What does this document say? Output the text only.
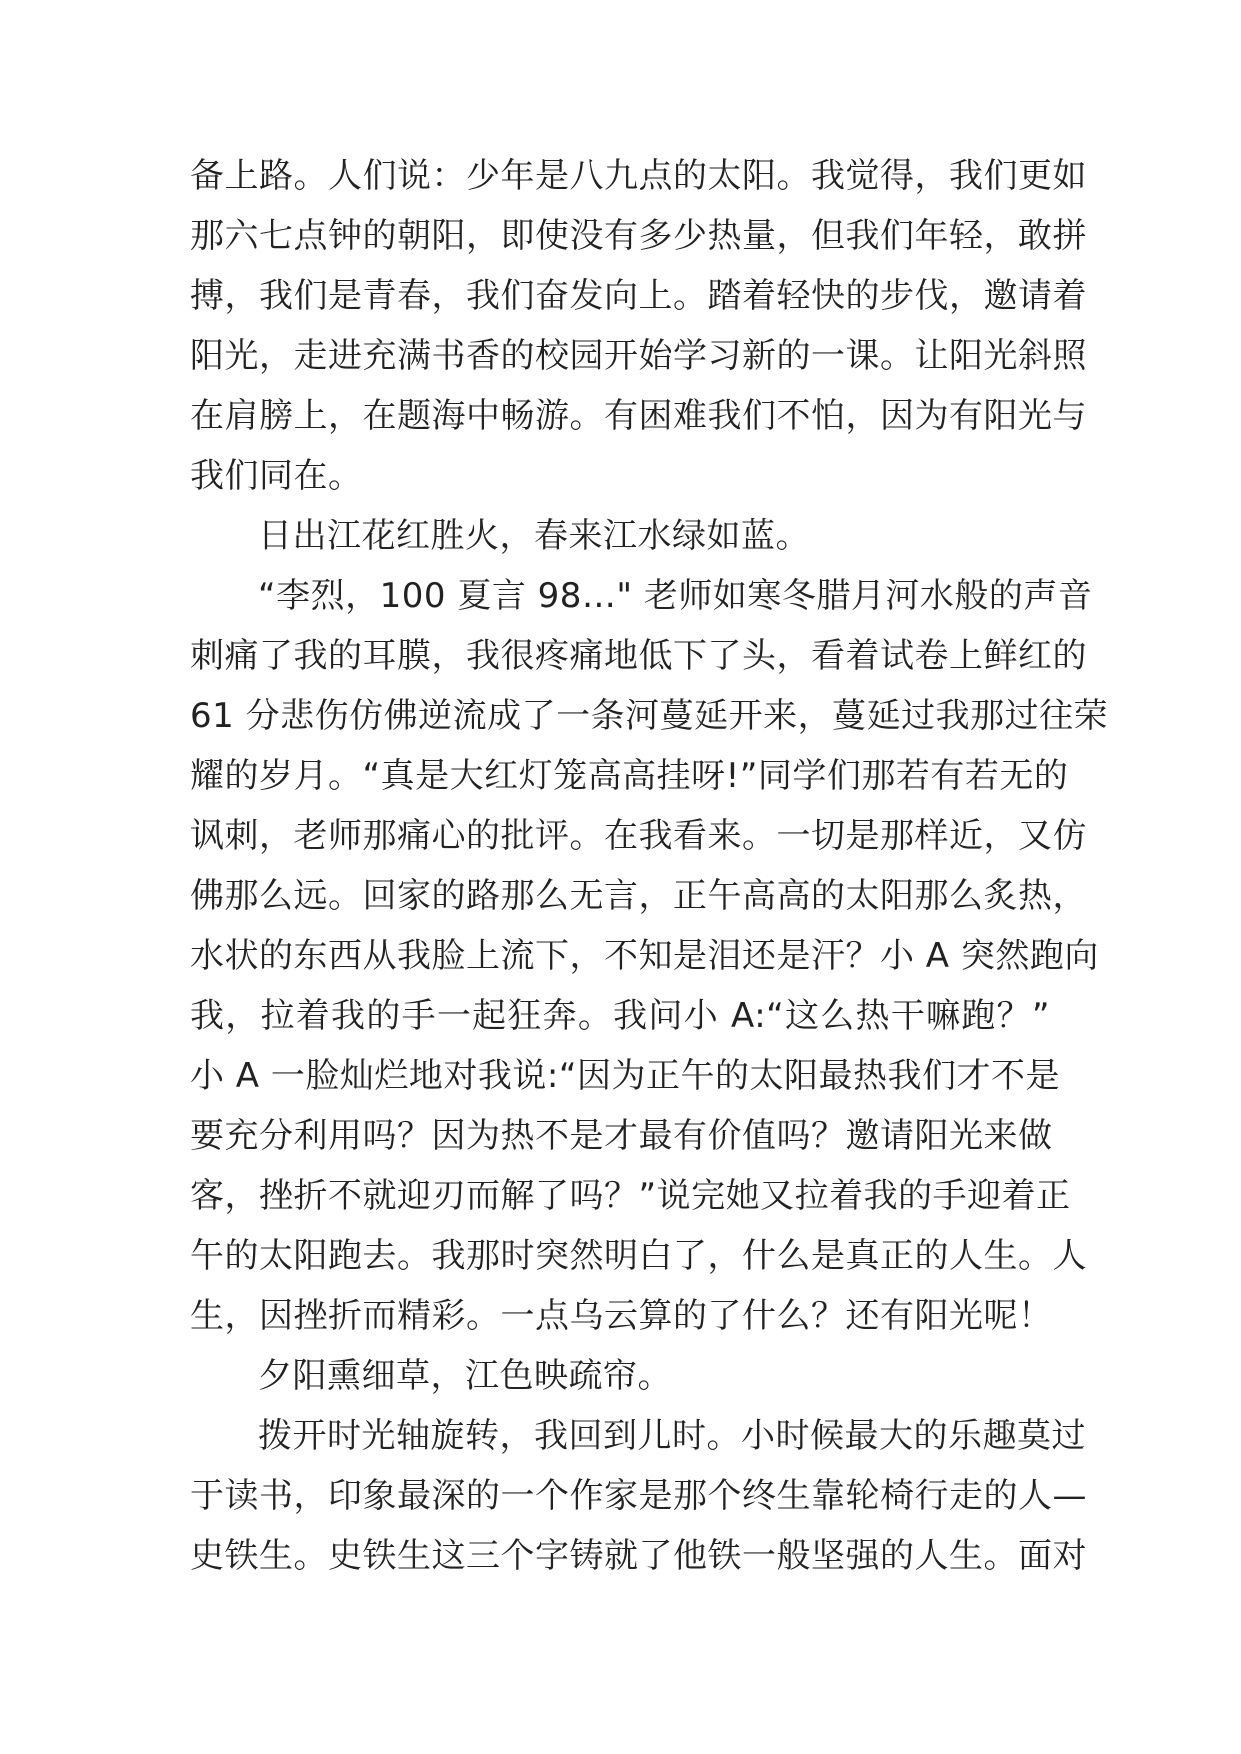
备上路。人们说：少年是八九点的太阳。我觉得，我们更如
那六七点钟的朝阳，即使没有多少热量，但我们年轻，敢拼
搏，我们是青春，我们奋发向上。踏着轻快的步伐，邀请着
阳光，走进充满书香的校园开始学习新的一课。让阳光斜照
在肩膀上，在题海中畅游。有困难我们不怕，因为有阳光与
我们同在。
日出江花红胜火，春来江水绿如蓝。
“李烈，100 夏言 98…" 老师如寒冬腊月河水般的声音
刺痛了我的耳膜，我很疼痛地低下了头，看着试卷上鲜红的
61 分悲伤仿佛逆流成了一条河蔓延开来，蔓延过我那过往荣
耀的岁月。“真是大红灯笼高高挂呀!”同学们那若有若无的
讽刺，老师那痛心的批评。在我看来。一切是那样近，又仿
佛那么远。回家的路那么无言，正午高高的太阳那么炙热，
水状的东西从我脸上流下，不知是泪还是汗？小 A 突然跑向
我，拉着我的手一起狂奔。我问小 A:“这么热干嘛跑？”
小 A 一脸灿烂地对我说:“因为正午的太阳最热我们才不是
要充分利用吗？因为热不是才最有价值吗？邀请阳光来做
客，挫折不就迎刃而解了吗？”说完她又拉着我的手迎着正
午的太阳跑去。我那时突然明白了，什么是真正的人生。人
生，因挫折而精彩。一点乌云算的了什么？还有阳光呢！
夕阳熏细草，江色映疏帘。
拨开时光轴旋转，我回到儿时。小时候最大的乐趣莫过
于读书，印象最深的一个作家是那个终生靠轮椅行走的人—
史铁生。史铁生这三个字铸就了他铁一般坚强的人生。面对
